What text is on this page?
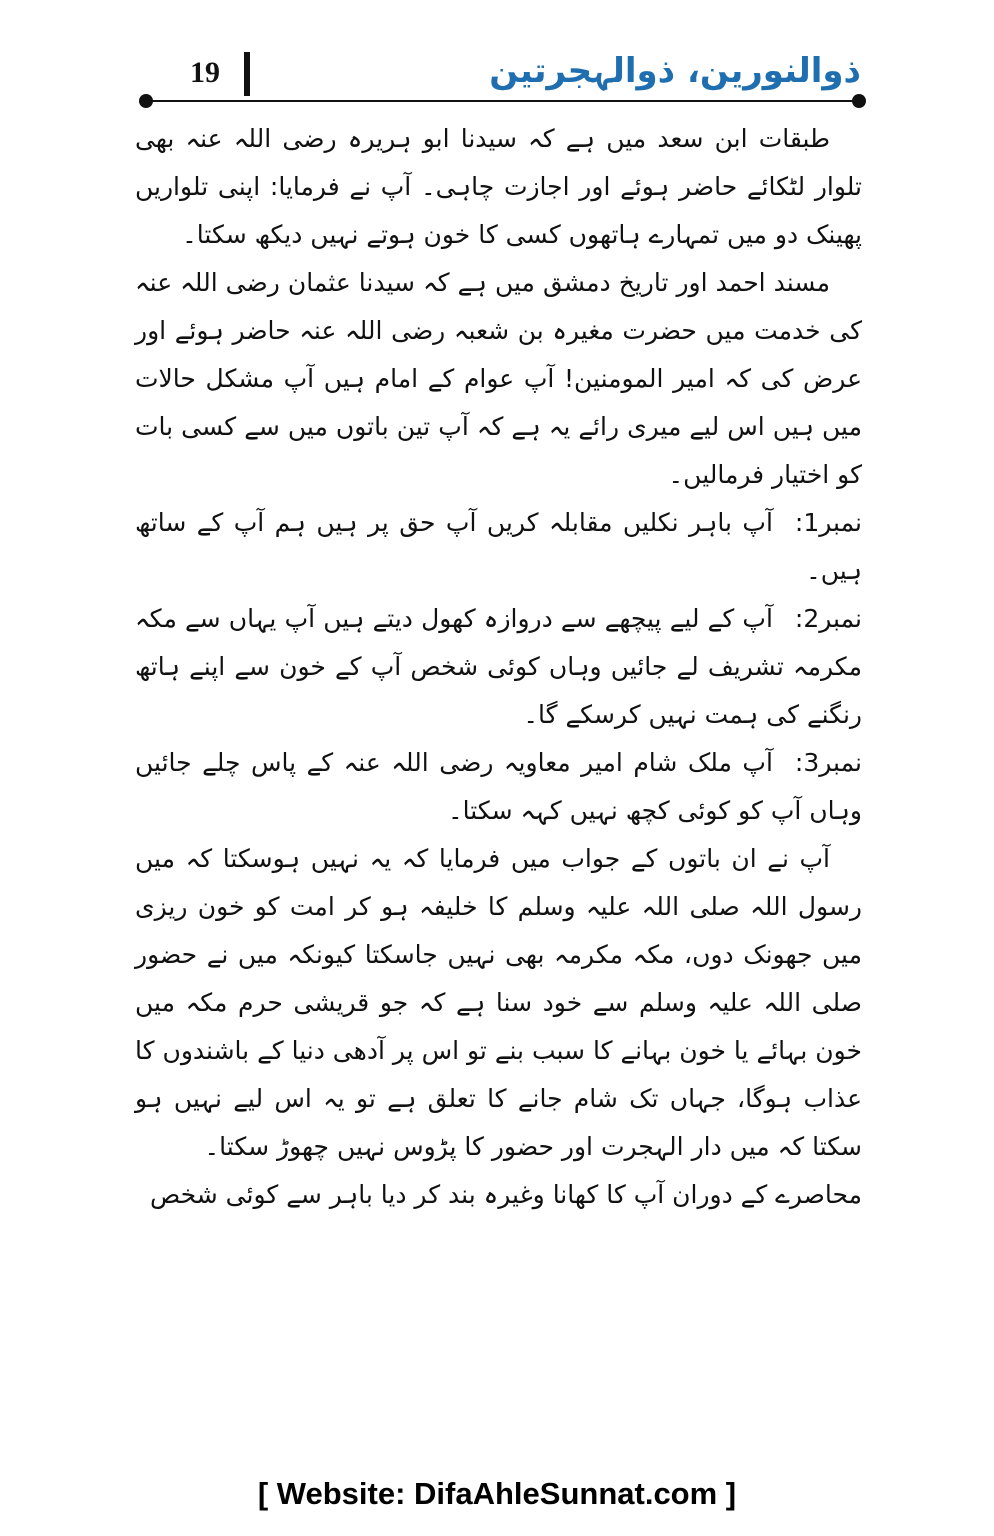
19	ذوالنورین، ذوالہجرتین

طبقات ابن سعد میں ہے کہ سیدنا ابو ہریرہ رضی اللہ عنہ بھی تلوار لٹکائے حاضر ہوئے اور اجازت چاہی۔ آپ نے فرمایا: اپنی تلواریں پھینک دو میں تمہارے ہاتھوں کسی کا خون ہوتے نہیں دیکھ سکتا۔

مسند احمد اور تاریخ دمشق میں ہے کہ سیدنا عثمان رضی اللہ عنہ کی خدمت میں حضرت مغیرہ بن شعبہ رضی اللہ عنہ حاضر ہوئے اور عرض کی کہ امیر المومنین! آپ عوام کے امام ہیں آپ مشکل حالات میں ہیں اس لیے میری رائے یہ ہے کہ آپ تین باتوں میں سے کسی بات کو اختیار فرمالیں۔

نمبر1:آپ باہر نکلیں مقابلہ کریں آپ حق پر ہیں ہم آپ کے ساتھ ہیں۔

نمبر2:آپ کے لیے پیچھے سے دروازہ کھول دیتے ہیں آپ یہاں سے مکہ مکرمہ تشریف لے جائیں وہاں کوئی شخص آپ کے خون سے اپنے ہاتھ رنگنے کی ہمت نہیں کرسکے گا۔

نمبر3:آپ ملک شام امیر معاویہ رضی اللہ عنہ کے پاس چلے جائیں وہاں آپ کو کوئی کچھ نہیں کہہ سکتا۔

آپ نے ان باتوں کے جواب میں فرمایا کہ یہ نہیں ہوسکتا کہ میں رسول اللہ صلی اللہ علیہ وسلم کا خلیفہ ہو کر امت کو خون ریزی میں جھونک دوں، مکہ مکرمہ بھی نہیں جاسکتا کیونکہ میں نے حضور صلی اللہ علیہ وسلم سے خود سنا ہے کہ جو قریشی حرم مکہ میں خون بہائے یا خون بہانے کا سبب بنے تو اس پر آدھی دنیا کے باشندوں کا عذاب ہوگا، جہاں تک شام جانے کا تعلق ہے تو یہ اس لیے نہیں ہو سکتا کہ میں دار الہجرت اور حضور کا پڑوس نہیں چھوڑ سکتا۔

محاصرے کے دوران آپ کا کھانا وغیرہ بند کر دیا باہر سے کوئی شخص

[ Website: DifaAhleSunnat.com ]
